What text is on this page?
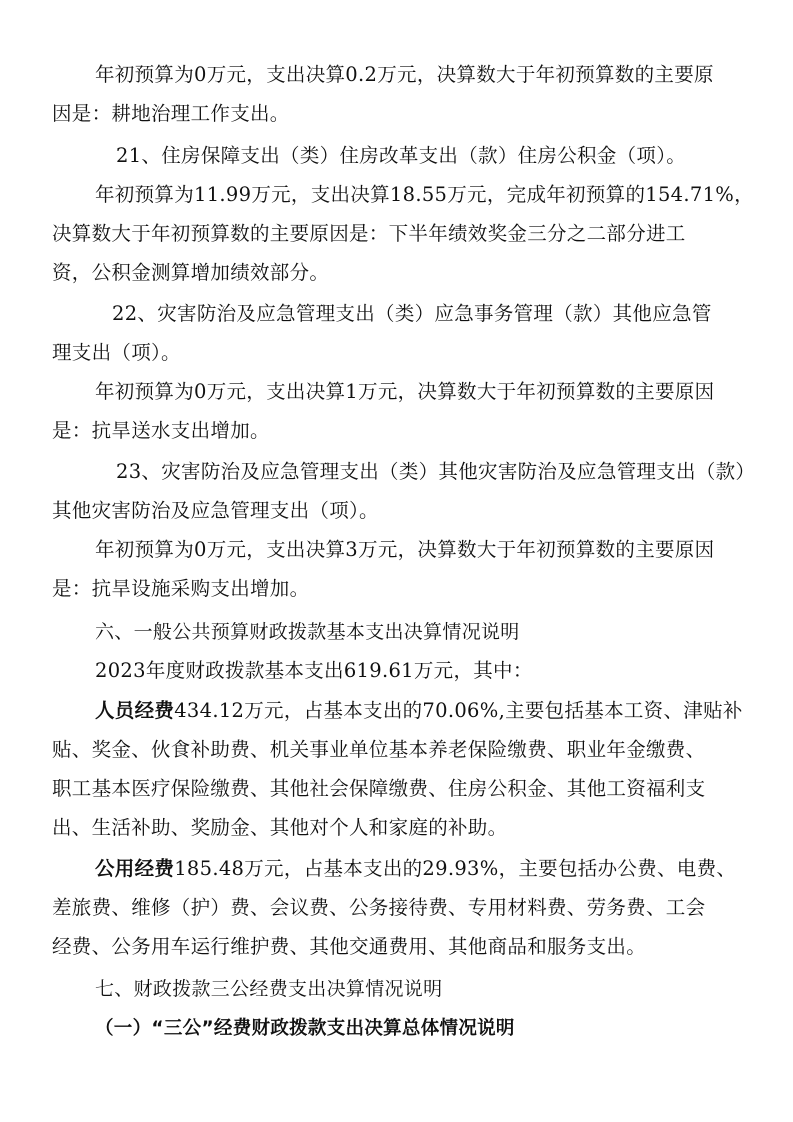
年初预算为0万元，支出决算0.2万元，决算数大于年初预算数的主要原
因是：耕地治理工作支出。
21、住房保障支出（类）住房改革支出（款）住房公积金（项）。
年初预算为11.99万元，支出决算18.55万元，完成年初预算的154.71%，
决算数大于年初预算数的主要原因是：下半年绩效奖金三分之二部分进工
资，公积金测算增加绩效部分。
22、灾害防治及应急管理支出（类）应急事务管理（款）其他应急管
理支出（项）。
年初预算为0万元，支出决算1万元，决算数大于年初预算数的主要原因
是：抗旱送水支出增加。
23、灾害防治及应急管理支出（类）其他灾害防治及应急管理支出（款）
其他灾害防治及应急管理支出（项）。
年初预算为0万元，支出决算3万元，决算数大于年初预算数的主要原因
是：抗旱设施采购支出增加。
六、一般公共预算财政拨款基本支出决算情况说明
2023年度财政拨款基本支出619.61万元，其中：
人员经费434.12万元，占基本支出的70.06%,主要包括基本工资、津贴补
贴、奖金、伙食补助费、机关事业单位基本养老保险缴费、职业年金缴费、
职工基本医疗保险缴费、其他社会保障缴费、住房公积金、其他工资福利支
出、生活补助、奖励金、其他对个人和家庭的补助。
公用经费185.48万元，占基本支出的29.93%，主要包括办公费、电费、
差旅费、维修（护）费、会议费、公务接待费、专用材料费、劳务费、工会
经费、公务用车运行维护费、其他交通费用、其他商品和服务支出。
七、财政拨款三公经费支出决算情况说明
（一）“三公”经费财政拨款支出决算总体情况说明
